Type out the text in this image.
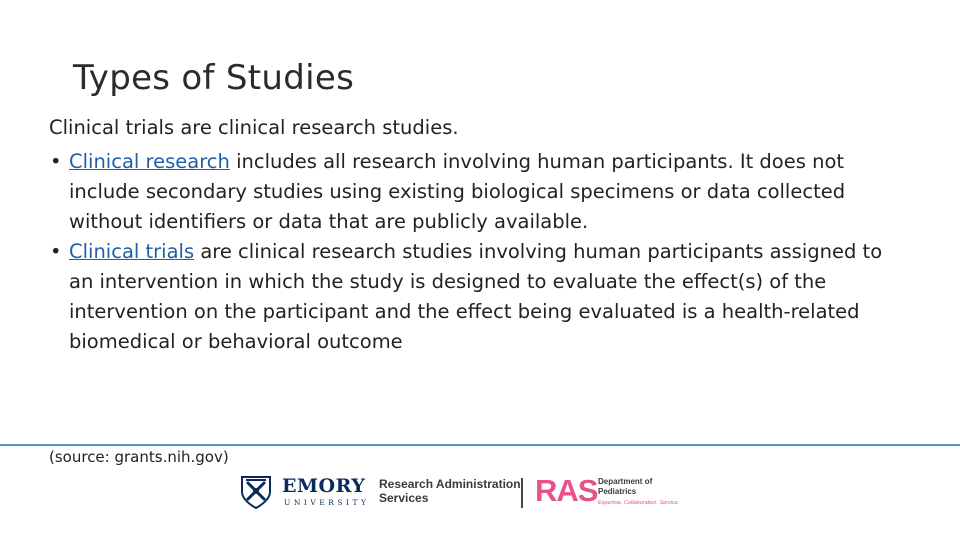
Types of Studies

Clinical trials are clinical research studies.

• Clinical research includes all research involving human participants. It does not include secondary studies using existing biological specimens or data collected without identifiers or data that are publicly available.
• Clinical trials are clinical research studies involving human participants assigned to an intervention in which the study is designed to evaluate the effect(s) of the intervention on the participant and the effect being evaluated is a health-related biomedical or behavioral outcome

(source: grants.nih.gov)

EMORY
UNIVERSITY
Research Administration
Services	RAS Department of
Pediatrics
Expertise. Collaboration. Service.
